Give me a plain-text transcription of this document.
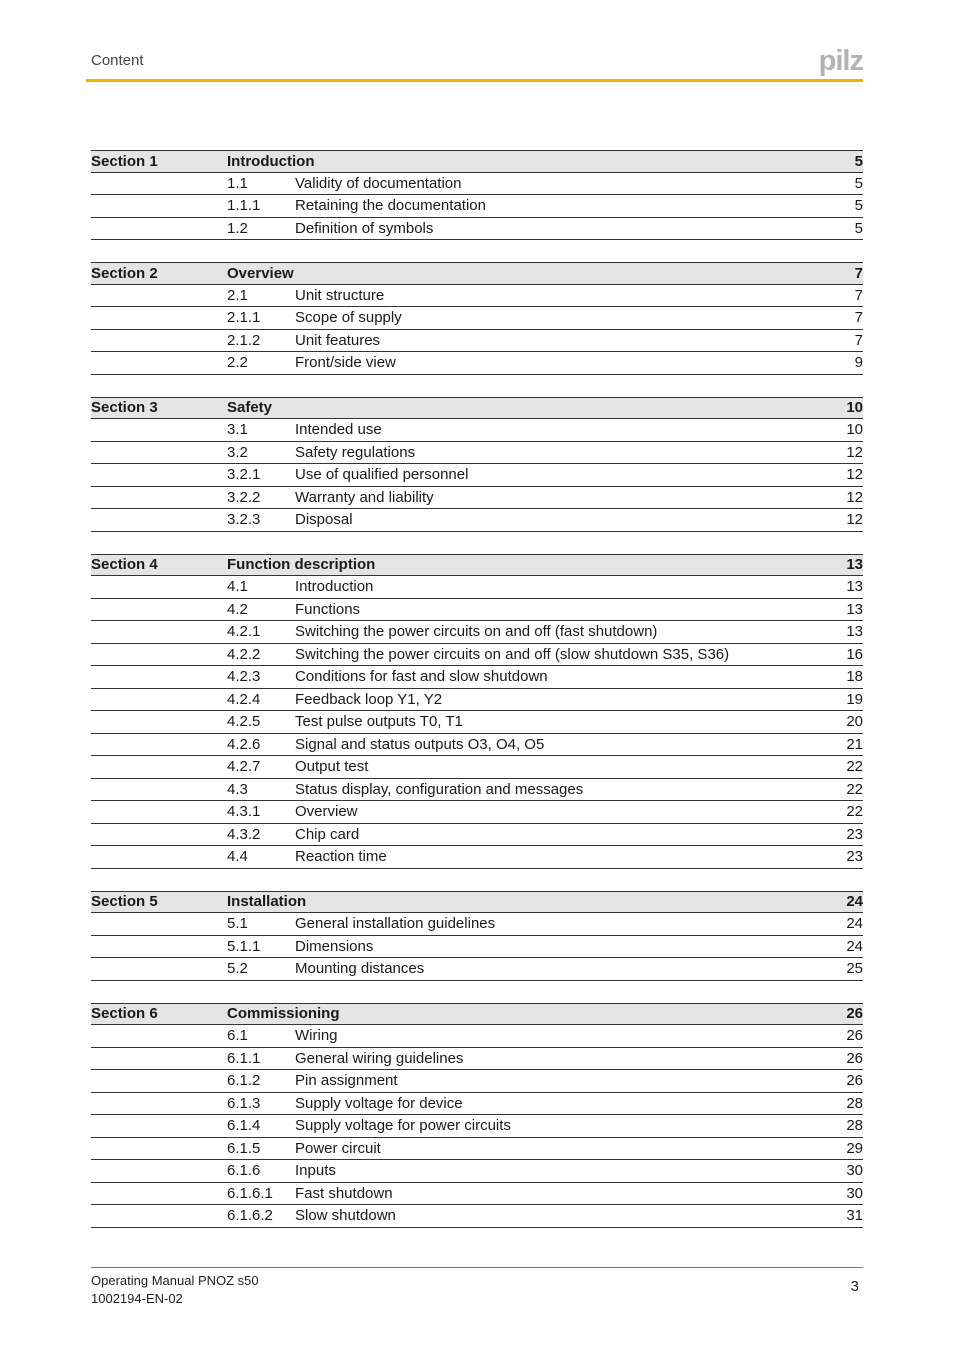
Content	pilz
Section 1	Introduction	5
1.1	Validity of documentation	5
1.1.1	Retaining the documentation	5
1.2	Definition of symbols	5
Section 2	Overview	7
2.1	Unit structure	7
2.1.1	Scope of supply	7
2.1.2	Unit features	7
2.2	Front/side view	9
Section 3	Safety	10
3.1	Intended use	10
3.2	Safety regulations	12
3.2.1	Use of qualified personnel	12
3.2.2	Warranty and liability	12
3.2.3	Disposal	12
Section 4	Function description	13
4.1	Introduction	13
4.2	Functions	13
4.2.1	Switching the power circuits on and off (fast shutdown)	13
4.2.2	Switching the power circuits on and off (slow shutdown S35, S36)	16
4.2.3	Conditions for fast and slow shutdown	18
4.2.4	Feedback loop Y1, Y2	19
4.2.5	Test pulse outputs T0, T1	20
4.2.6	Signal and status outputs O3, O4, O5	21
4.2.7	Output test	22
4.3	Status display, configuration and messages	22
4.3.1	Overview	22
4.3.2	Chip card	23
4.4	Reaction time	23
Section 5	Installation	24
5.1	General installation guidelines	24
5.1.1	Dimensions	24
5.2	Mounting distances	25
Section 6	Commissioning	26
6.1	Wiring	26
6.1.1	General wiring guidelines	26
6.1.2	Pin assignment	26
6.1.3	Supply voltage for device	28
6.1.4	Supply voltage for power circuits	28
6.1.5	Power circuit	29
6.1.6	Inputs	30
6.1.6.1	Fast shutdown	30
6.1.6.2	Slow shutdown	31
Operating Manual PNOZ s50
1002194-EN-02
3
